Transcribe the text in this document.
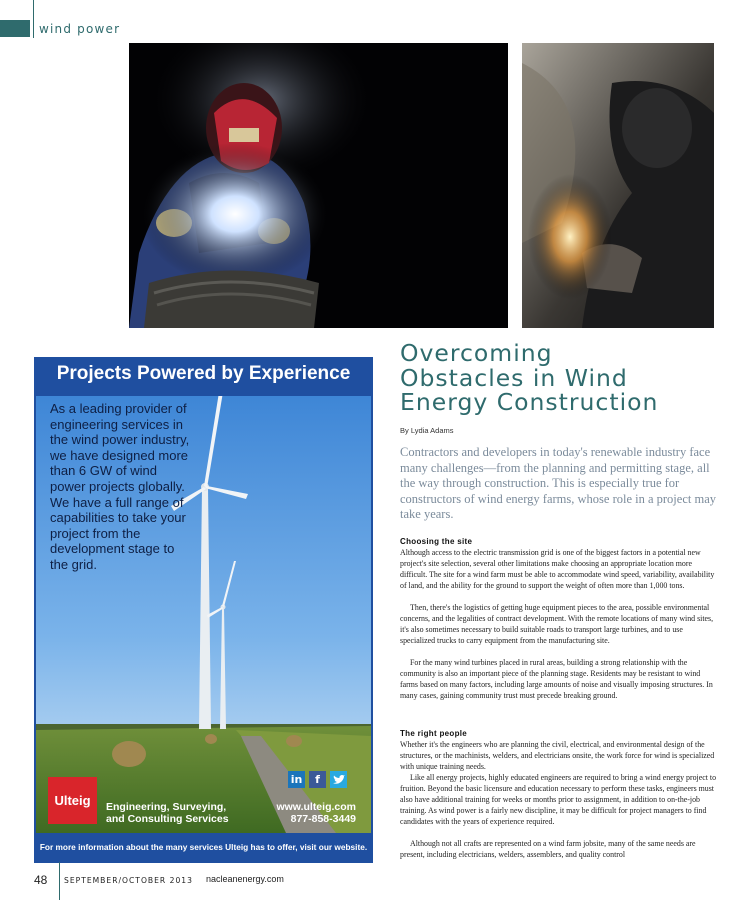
wind power
Projects Powered by Experience
As a leading provider of engineering services in the wind power industry, we have designed more than 6 GW of wind power projects globally. We have a full range of capabilities to take your project from the development stage to the grid.
in	f
Ulteig	Engineering, Surveying,
and Consulting Services
www.ulteig.com
877-858-3449
For more information about the many services Ulteig has to offer, visit our website.
Overcoming
Obstacles in Wind
Energy Construction
By Lydia Adams
Contractors and developers in today's renewable industry face many challenges—from the planning and permitting stage, all the way through construction. This is especially true for constructors of wind energy farms, whose role in a project may take years.
Choosing the site
Although access to the electric transmission grid is one of the biggest factors in a potential new project's site selection, several other limitations make choosing an appropriate location more difficult. The site for a wind farm must be able to accommodate wind speed, variability, availability of land, and the ability for the ground to support the weight of often more than 1,000 tons.
Then, there's the logistics of getting huge equipment pieces to the area, possible environmental concerns, and the legalities of contract development. With the remote locations of many wind sites, it's also sometimes necessary to build suitable roads to transport large turbines, and to use specialized trucks to carry equipment from the manufacturing site.
For the many wind turbines placed in rural areas, building a strong relationship with the community is also an important piece of the planning stage. Residents may be resistant to wind farms based on many factors, including large amounts of noise and visually imposing structures. In many cases, gaining community trust must precede breaking ground.
The right people
Whether it's the engineers who are planning the civil, electrical, and environmental design of the structures, or the machinists, welders, and electricians onsite, the work force for wind is specialized with unique training needs.
Like all energy projects, highly educated engineers are required to bring a wind energy project to fruition. Beyond the basic licensure and education necessary to perform these tasks, engineers must also have additional training for weeks or months prior to assignment, in addition to on-the-job training. As wind power is a fairly new discipline, it may be difficult for project managers to find candidates with the years of experience required.
Although not all crafts are represented on a wind farm jobsite, many of the same needs are present, including electricians, welders, assemblers, and quality control
48 SEPTEMBER/OCTOBER 2013 nacleanenergy.com
